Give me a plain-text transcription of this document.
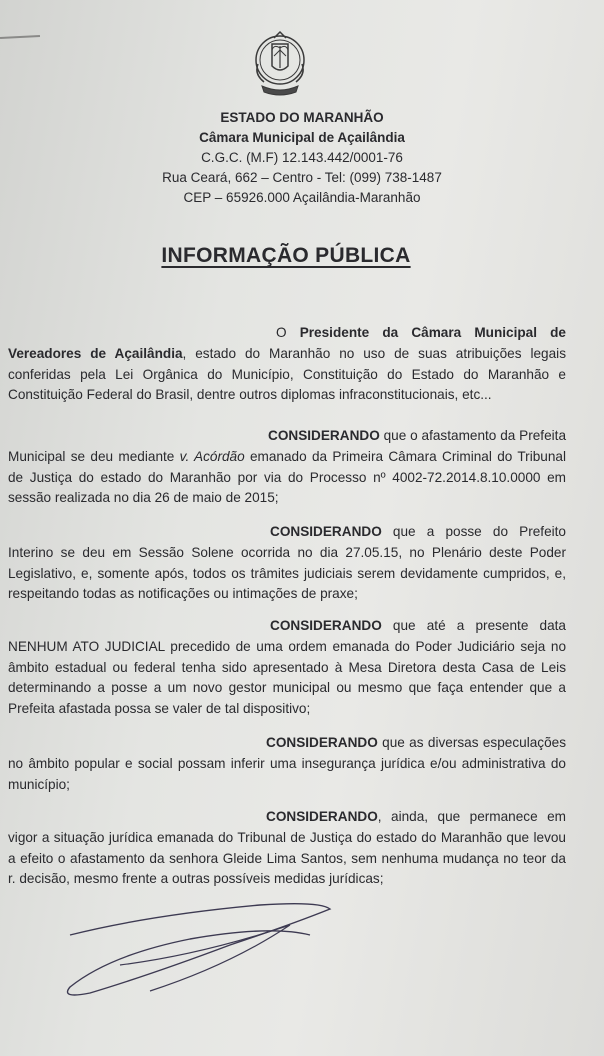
ESTADO DO MARANHÃO
Câmara Municipal de Açailândia
C.G.C. (M.F) 12.143.442/0001-76
Rua Ceará, 662 – Centro - Tel: (099) 738-1487
CEP – 65926.000 Açailândia-Maranhão
INFORMAÇÃO PÚBLICA
O Presidente da Câmara Municipal de Vereadores de Açailândia, estado do Maranhão no uso de suas atribuições legais conferidas pela Lei Orgânica do Município, Constituição do Estado do Maranhão e Constituição Federal do Brasil, dentre outros diplomas infraconstitucionais, etc...
CONSIDERANDO que o afastamento da Prefeita Municipal se deu mediante v. Acórdão emanado da Primeira Câmara Criminal do Tribunal de Justiça do estado do Maranhão por via do Processo nº 4002-72.2014.8.10.0000 em sessão realizada no dia 26 de maio de 2015;
CONSIDERANDO que a posse do Prefeito Interino se deu em Sessão Solene ocorrida no dia 27.05.15, no Plenário deste Poder Legislativo, e, somente após, todos os trâmites judiciais serem devidamente cumpridos, e, respeitando todas as notificações ou intimações de praxe;
CONSIDERANDO que até a presente data NENHUM ATO JUDICIAL precedido de uma ordem emanada do Poder Judiciário seja no âmbito estadual ou federal tenha sido apresentado à Mesa Diretora desta Casa de Leis determinando a posse a um novo gestor municipal ou mesmo que faça entender que a Prefeita afastada possa se valer de tal dispositivo;
CONSIDERANDO que as diversas especulações no âmbito popular e social possam inferir uma insegurança jurídica e/ou administrativa do município;
CONSIDERANDO, ainda, que permanece em vigor a situação jurídica emanada do Tribunal de Justiça do estado do Maranhão que levou a efeito o afastamento da senhora Gleide Lima Santos, sem nenhuma mudança no teor da r. decisão, mesmo frente a outras possíveis medidas jurídicas;
